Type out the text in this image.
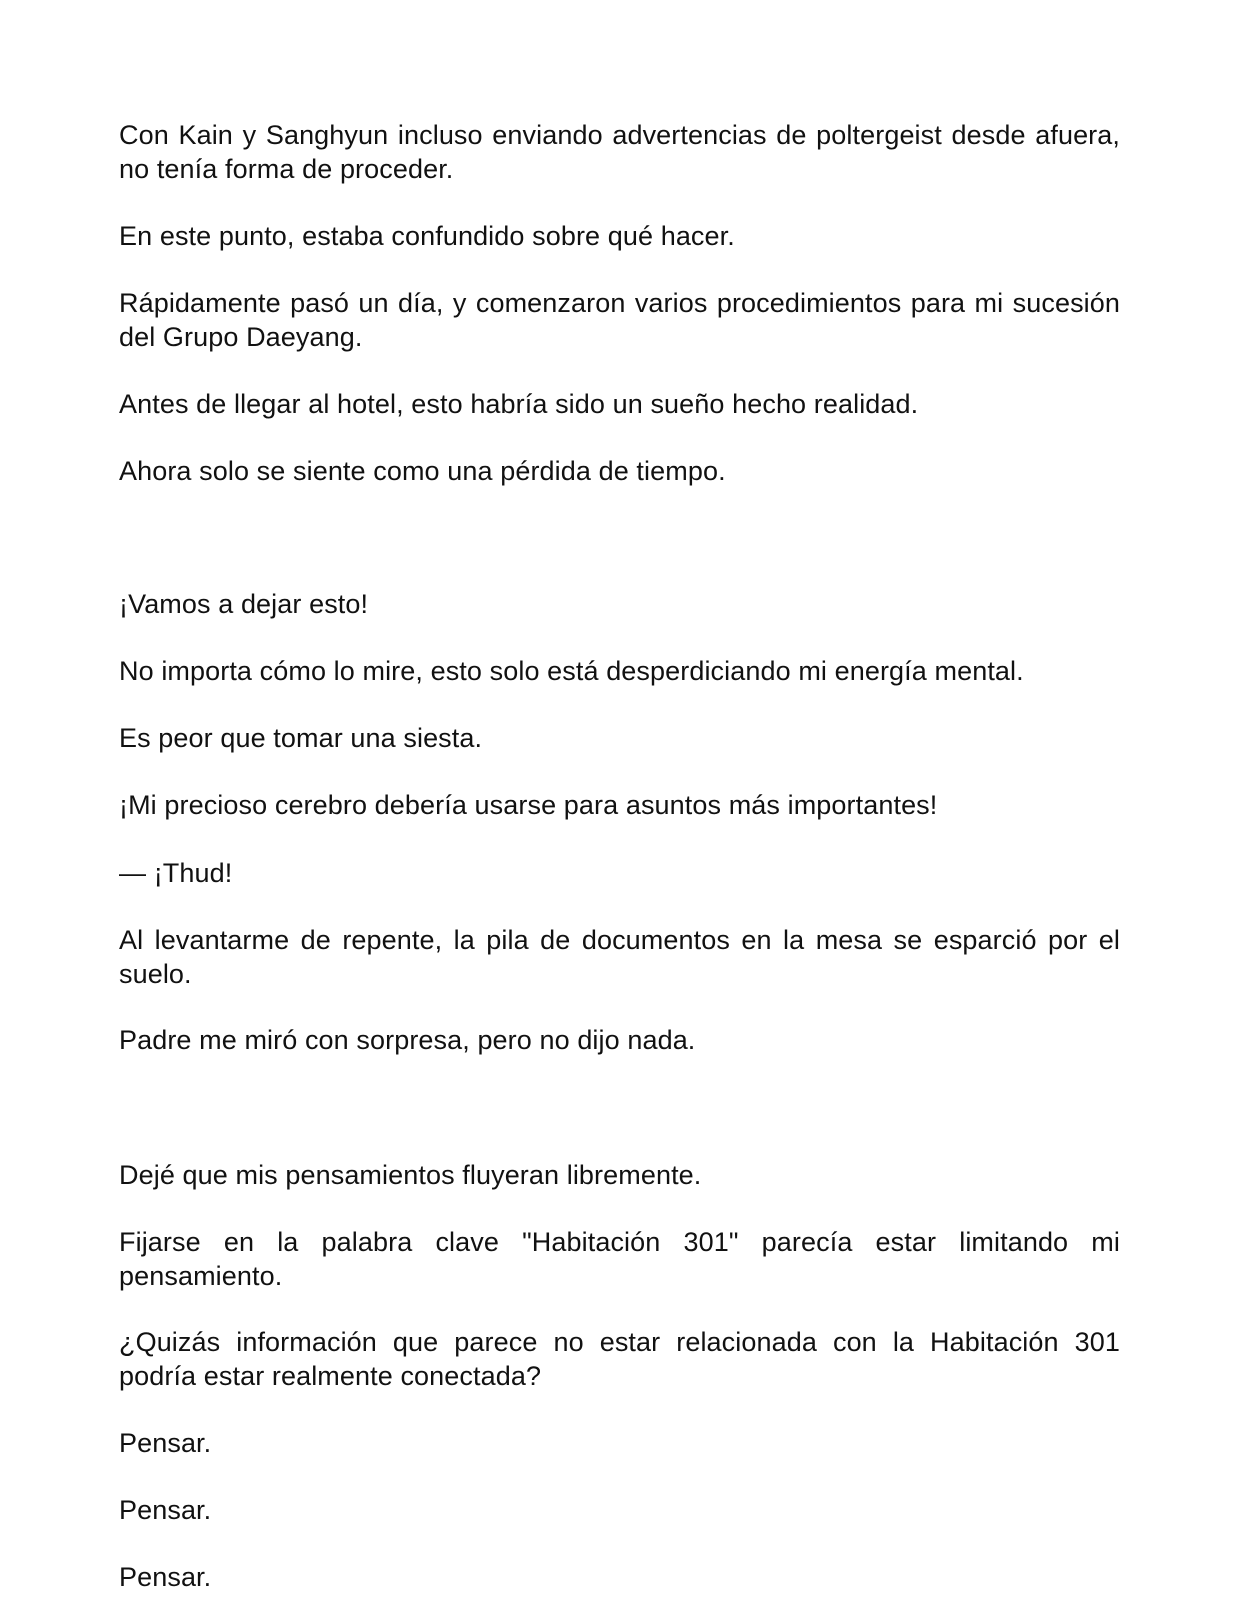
Con Kain y Sanghyun incluso enviando advertencias de poltergeist desde afuera, no tenía forma de proceder.

En este punto, estaba confundido sobre qué hacer.

Rápidamente pasó un día, y comenzaron varios procedimientos para mi sucesión del Grupo Daeyang.

Antes de llegar al hotel, esto habría sido un sueño hecho realidad.

Ahora solo se siente como una pérdida de tiempo.

¡Vamos a dejar esto!

No importa cómo lo mire, esto solo está desperdiciando mi energía mental.

Es peor que tomar una siesta.

¡Mi precioso cerebro debería usarse para asuntos más importantes!

— ¡Thud!

Al levantarme de repente, la pila de documentos en la mesa se esparció por el suelo.

Padre me miró con sorpresa, pero no dijo nada.

Dejé que mis pensamientos fluyeran libremente.

Fijarse en la palabra clave "Habitación 301" parecía estar limitando mi pensamiento.

¿Quizás información que parece no estar relacionada con la Habitación 301 podría estar realmente conectada?

Pensar.

Pensar.

Pensar.
